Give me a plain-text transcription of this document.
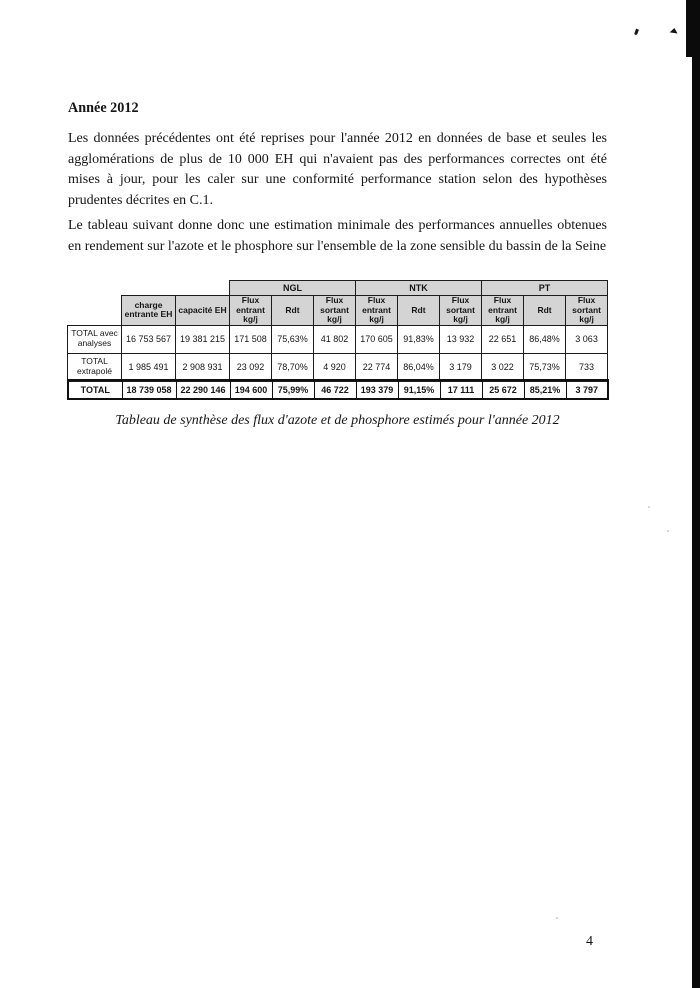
Année 2012
Les données précédentes ont été reprises pour l'année 2012 en données de base et seules les agglomérations de plus de 10 000 EH qui n'avaient pas des performances correctes ont été mises à jour, pour les caler sur une conformité performance station selon des hypothèses prudentes décrites en C.1.
Le tableau suivant donne donc une estimation minimale des performances annuelles obtenues en rendement sur l'azote et le phosphore sur l'ensemble de la zone sensible du bassin de la Seine
			NGL			NTK			PT		
	charge entrante EH	capacité EH	Flux entrant kg/j	Rdt	Flux sortant kg/j	Flux entrant kg/j	Rdt	Flux sortant kg/j	Flux entrant kg/j	Rdt	Flux sortant kg/j
TOTAL avec analyses	16 753 567	19 381 215	171 508	75,63%	41 802	170 605	91,83%	13 932	22 651	86,48%	3 063
TOTAL extrapolé	1 985 491	2 908 931	23 092	78,70%	4 920	22 774	86,04%	3 179	3 022	75,73%	733
TOTAL	18 739 058	22 290 146	194 600	75,99%	46 722	193 379	91,15%	17 111	25 672	85,21%	3 797
Tableau de synthèse des flux d'azote et de phosphore estimés pour l'année 2012
4
